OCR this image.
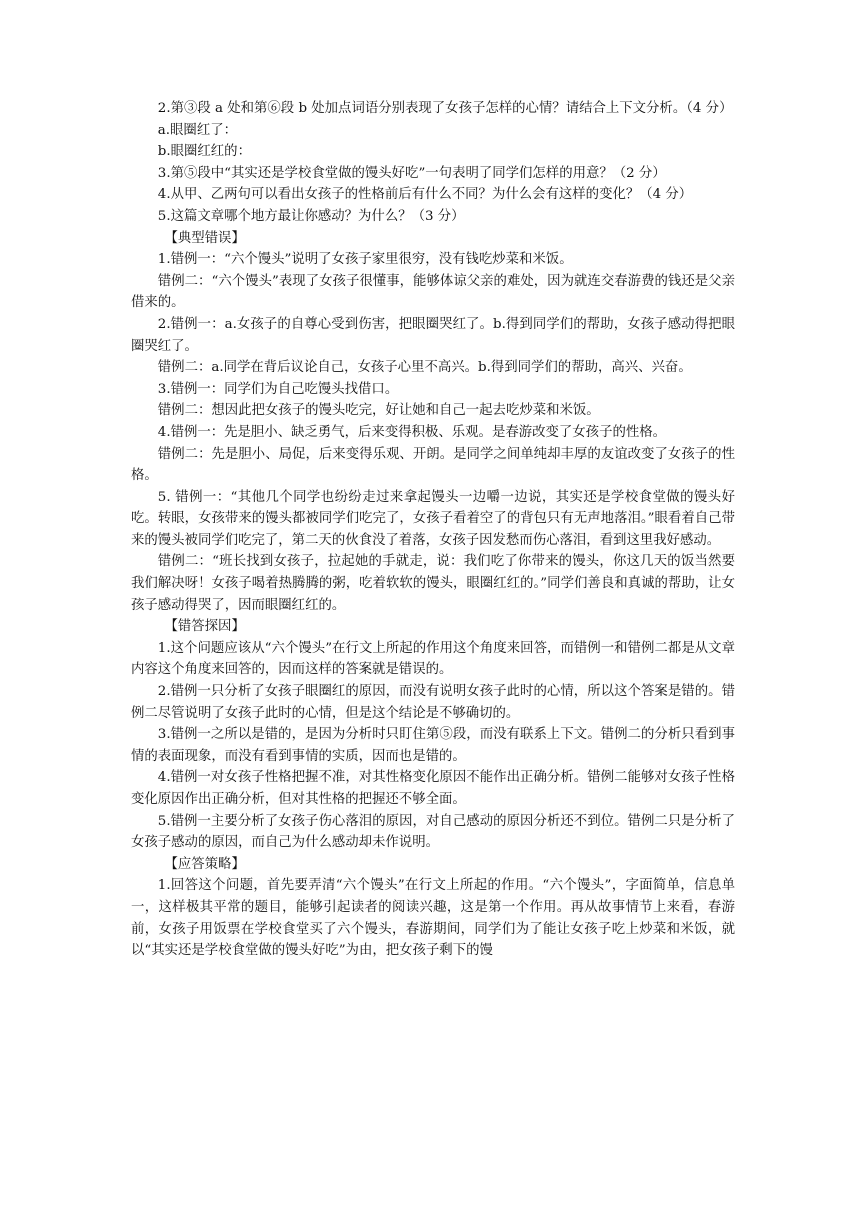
2.第③段 a 处和第⑥段 b 处加点词语分别表现了女孩子怎样的心情？请结合上下文分析。（4 分）

a.眼圈红了：

b.眼圈红红的：

3.第⑤段中“其实还是学校食堂做的馒头好吃”一句表明了同学们怎样的用意？（2 分）

4.从甲、乙两句可以看出女孩子的性格前后有什么不同？为什么会有这样的变化？（4 分）

5.这篇文章哪个地方最让你感动？为什么？（3 分）

【典型错误】

1.错例一：“六个馒头”说明了女孩子家里很穷，没有钱吃炒菜和米饭。

错例二：“六个馒头”表现了女孩子很懂事，能够体谅父亲的难处，因为就连交春游费的钱还是父亲借来的。

2.错例一：a.女孩子的自尊心受到伤害，把眼圈哭红了。b.得到同学们的帮助，女孩子感动得把眼圈哭红了。

错例二：a.同学在背后议论自己，女孩子心里不高兴。b.得到同学们的帮助，高兴、兴奋。

3.错例一：同学们为自己吃馒头找借口。

错例二：想因此把女孩子的馒头吃完，好让她和自己一起去吃炒菜和米饭。

4.错例一：先是胆小、缺乏勇气，后来变得积极、乐观。是春游改变了女孩子的性格。

错例二：先是胆小、局促，后来变得乐观、开朗。是同学之间单纯却丰厚的友谊改变了女孩子的性格。

5. 错例一：“其他几个同学也纷纷走过来拿起馒头一边嚼一边说，其实还是学校食堂做的馒头好吃。转眼，女孩带来的馒头都被同学们吃完了，女孩子看着空了的背包只有无声地落泪。”眼看着自己带来的馒头被同学们吃完了，第二天的伙食没了着落，女孩子因发愁而伤心落泪，看到这里我好感动。

错例二：“班长找到女孩子，拉起她的手就走，说：我们吃了你带来的馒头，你这几天的饭当然要我们解决呀！女孩子喝着热腾腾的粥，吃着软软的馒头，眼圈红红的。”同学们善良和真诚的帮助，让女孩子感动得哭了，因而眼圈红红的。

【错答探因】

1.这个问题应该从“六个馒头”在行文上所起的作用这个角度来回答，而错例一和错例二都是从文章内容这个角度来回答的，因而这样的答案就是错误的。

2.错例一只分析了女孩子眼圈红的原因，而没有说明女孩子此时的心情，所以这个答案是错的。错例二尽管说明了女孩子此时的心情，但是这个结论是不够确切的。

3.错例一之所以是错的，是因为分析时只盯住第⑤段，而没有联系上下文。错例二的分析只看到事情的表面现象，而没有看到事情的实质，因而也是错的。

4.错例一对女孩子性格把握不准，对其性格变化原因不能作出正确分析。错例二能够对女孩子性格变化原因作出正确分析，但对其性格的把握还不够全面。

5.错例一主要分析了女孩子伤心落泪的原因，对自己感动的原因分析还不到位。错例二只是分析了女孩子感动的原因，而自己为什么感动却未作说明。

【应答策略】

1.回答这个问题，首先要弄清“六个馒头”在行文上所起的作用。“六个馒头”，字面简单，信息单一，这样极其平常的题目，能够引起读者的阅读兴趣，这是第一个作用。再从故事情节上来看，春游前，女孩子用饭票在学校食堂买了六个馒头，春游期间，同学们为了能让女孩子吃上炒菜和米饭，就以“其实还是学校食堂做的馒头好吃”为由，把女孩子剩下的馒
